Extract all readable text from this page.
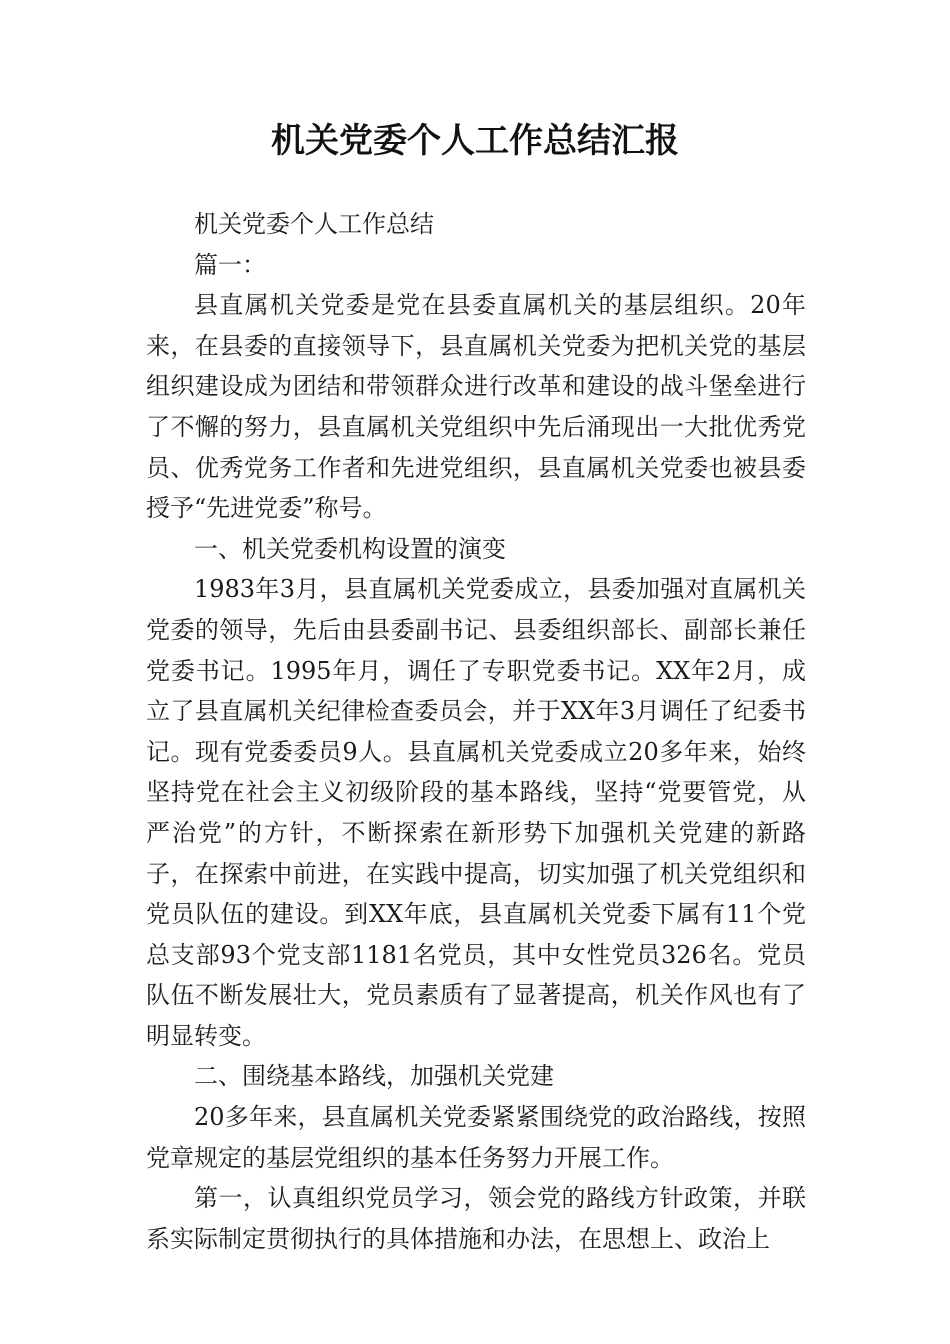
机关党委个人工作总结汇报

机关党委个人工作总结

篇一：

县直属机关党委是党在县委直属机关的基层组织。20年来，在县委的直接领导下，县直属机关党委为把机关党的基层组织建设成为团结和带领群众进行改革和建设的战斗堡垒进行了不懈的努力，县直属机关党组织中先后涌现出一大批优秀党员、优秀党务工作者和先进党组织，县直属机关党委也被县委授予“先进党委”称号。

一、机关党委机构设置的演变

1983年3月，县直属机关党委成立，县委加强对直属机关党委的领导，先后由县委副书记、县委组织部长、副部长兼任党委书记。1995年月，调任了专职党委书记。XX年2月，成立了县直属机关纪律检查委员会，并于XX年3月调任了纪委书记。现有党委委员9人。县直属机关党委成立20多年来，始终坚持党在社会主义初级阶段的基本路线，坚持“党要管党，从严治党”的方针，不断探索在新形势下加强机关党建的新路子，在探索中前进，在实践中提高，切实加强了机关党组织和党员队伍的建设。到XX年底，县直属机关党委下属有11个党总支部93个党支部1181名党员，其中女性党员326名。党员队伍不断发展壮大，党员素质有了显著提高，机关作风也有了明显转变。

二、围绕基本路线，加强机关党建

20多年来，县直属机关党委紧紧围绕党的政治路线，按照党章规定的基层党组织的基本任务努力开展工作。

第一，认真组织党员学习，领会党的路线方针政策，并联系实际制定贯彻执行的具体措施和办法，在思想上、政治上
